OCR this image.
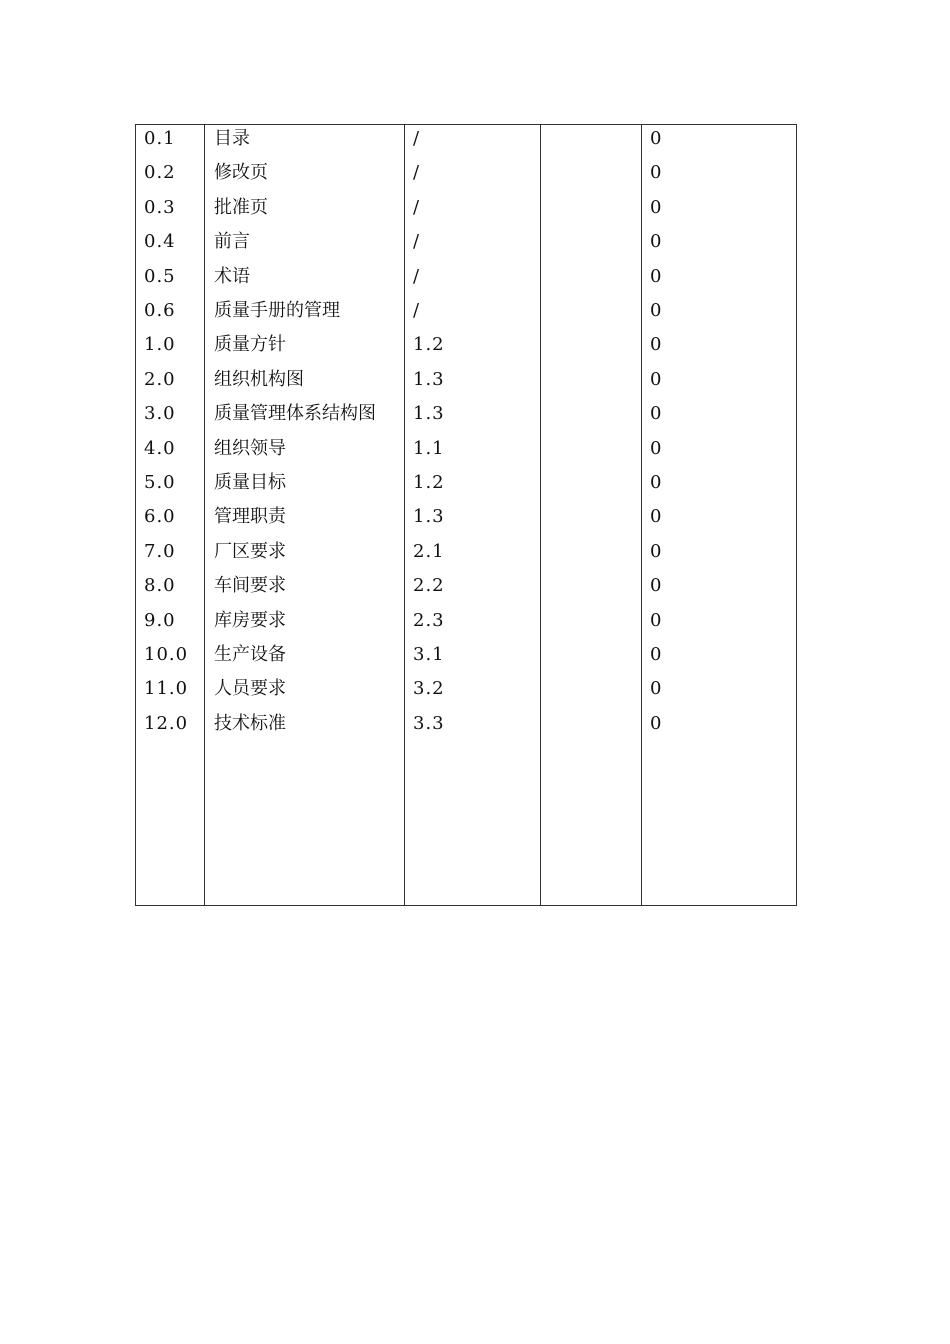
0.1 目录	/	0
0.2 修改页	/	0
0.3 批准页	/	0
0.4 前言	/	0
0.5 术语	/	0
0.6 质量手册的管理	/	0
1.0 质量方针	1.2	0
2.0 组织机构图	1.3	0
3.0 质量管理体系结构图 1.3	0
4.0 组织领导	1.1	0
5.0 质量目标	1.2	0
6.0 管理职责	1.3	0
7.0 厂区要求	2.1	0
8.0 车间要求	2.2	0
9.0 库房要求	2.3	0
10.0 生产设备	3.1	0
11.0 人员要求	3.2	0
12.0 技术标准	3.3	0
